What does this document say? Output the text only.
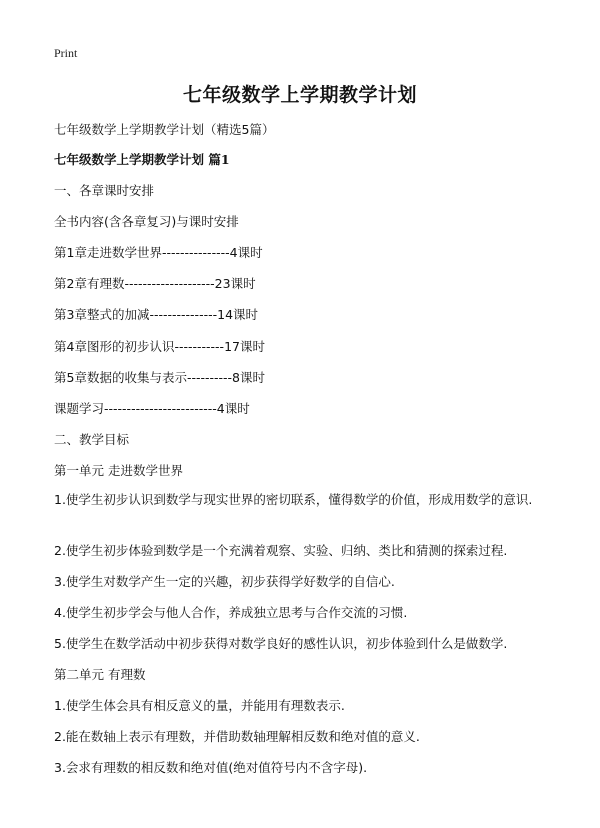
Print
七年级数学上学期教学计划
七年级数学上学期教学计划（精选5篇）
七年级数学上学期教学计划 篇1
一、各章课时安排
全书内容(含各章复习)与课时安排
第1章走进数学世界---------------4课时
第2章有理数--------------------23课时
第3章整式的加减---------------14课时
第4章图形的初步认识-----------17课时
第5章数据的收集与表示----------8课时
课题学习-------------------------4课时
二、教学目标
第一单元 走进数学世界
1.使学生初步认识到数学与现实世界的密切联系，懂得数学的价值，形成用数学的意识.
2.使学生初步体验到数学是一个充满着观察、实验、归纳、类比和猜测的探索过程.
3.使学生对数学产生一定的兴趣，初步获得学好数学的自信心.
4.使学生初步学会与他人合作，养成独立思考与合作交流的习惯.
5.使学生在数学活动中初步获得对数学良好的感性认识，初步体验到什么是做数学.
第二单元 有理数
1.使学生体会具有相反意义的量，并能用有理数表示.
2.能在数轴上表示有理数，并借助数轴理解相反数和绝对值的意义.
3.会求有理数的相反数和绝对值(绝对值符号内不含字母).
